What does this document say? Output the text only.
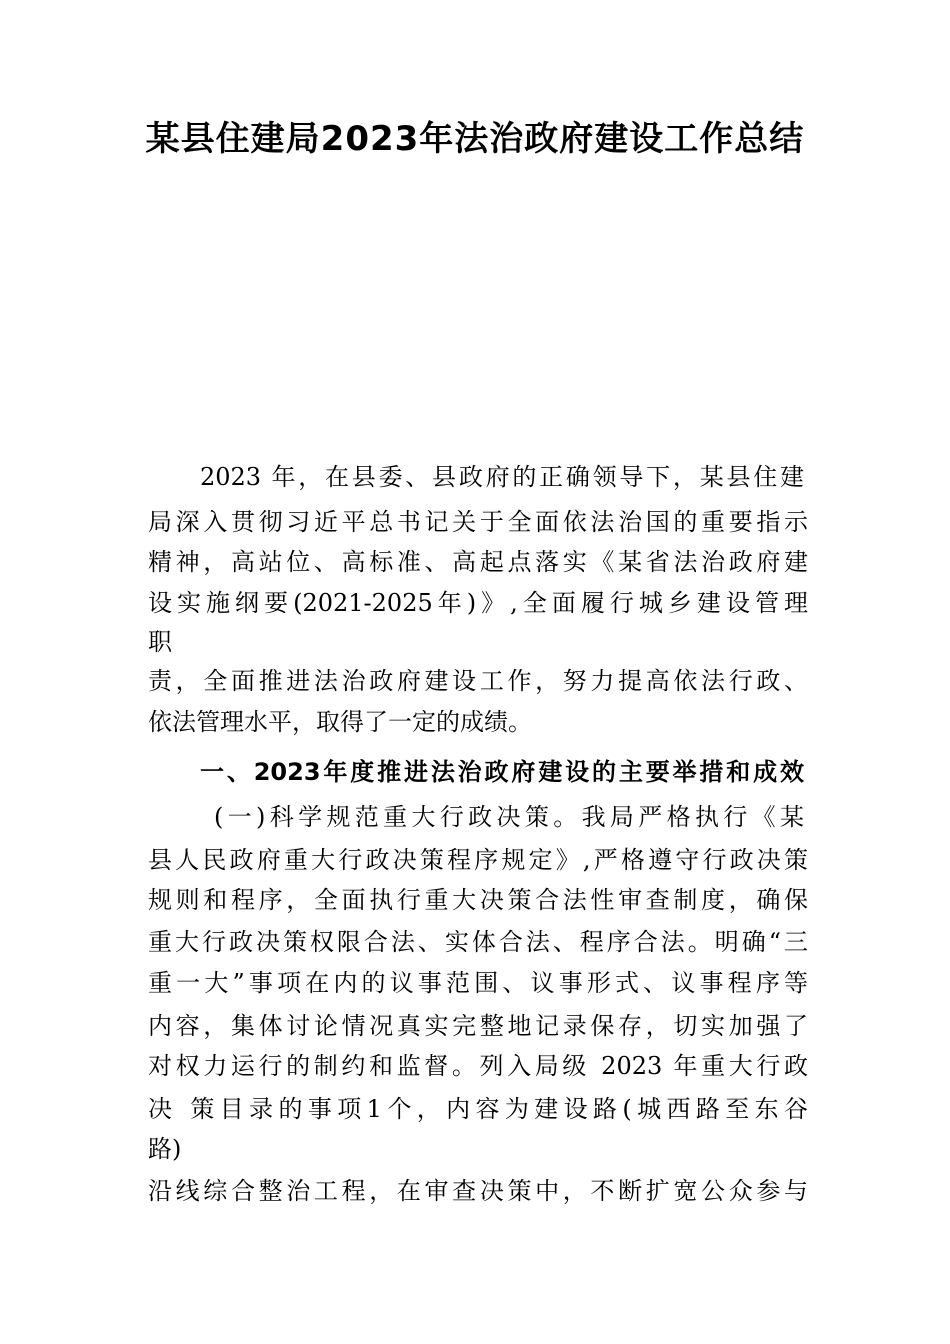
某县住建局2023年法治政府建设工作总结
2023 年，在县委、县政府的正确领导下，某县住建
局深入贯彻习近平总书记关于全面依法治国的重要指示
精神，高站位、高标准、高起点落实《某省法治政府建
设实施纲要(2021-2025年)》,全面履行城乡建设管理
职
责，全面推进法治政府建设工作，努力提高依法行政、
依法管理水平，取得了一定的成绩。
一、2023年度推进法治政府建设的主要举措和成效
(一)科学规范重大行政决策。我局严格执行《某
县人民政府重大行政决策程序规定》,严格遵守行政决策
规则和程序，全面执行重大决策合法性审查制度，确保
重大行政决策权限合法、实体合法、程序合法。明确“三
重一大”事项在内的议事范围、议事形式、议事程序等
内容，集体讨论情况真实完整地记录保存，切实加强了
对权力运行的制约和监督。列入局级 2023 年重大行政
决 策目录的事项1个，内容为建设路(城西路至东谷
路)
沿线综合整治工程，在审查决策中，不断扩宽公众参与
